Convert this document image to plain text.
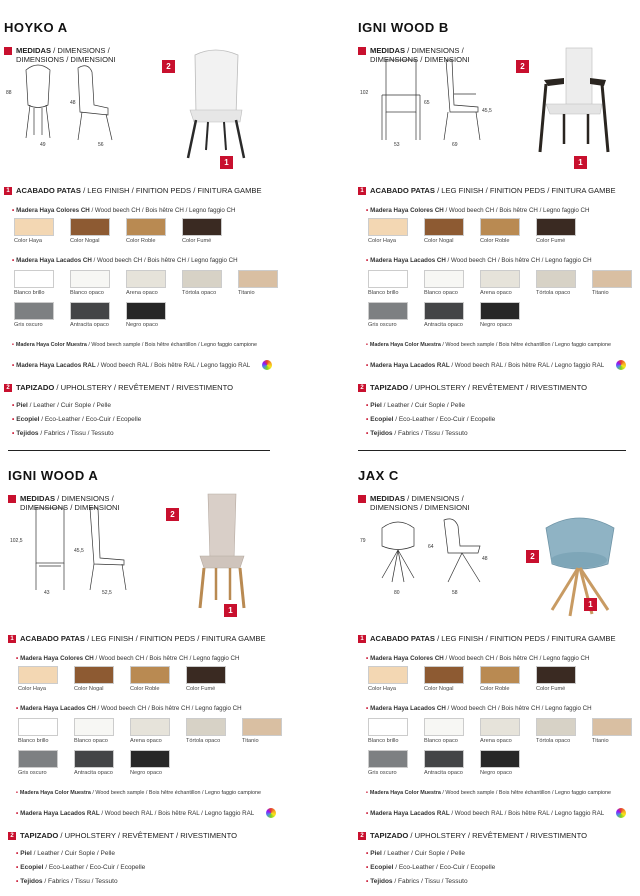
HOYKO A
MEDIDAS / DIMENSIONS /
DIMENSIONS / DIMENSIONI
88
48
49	56
2
1
1 ACABADO PATAS / LEG FINISH / FINITION PEDS / FINITURA GAMBE
• Madera Haya Colores CH / Wood beech CH / Bois hêtre CH / Legno faggio CH
Color Haya	Color Nogal	Color Roble	Color Fumé
• Madera Haya Lacados CH / Wood beech CH / Bois hêtre CH / Legno faggio CH
Blanco brillo	Blanco opaco	Arena opaco	Tórtola opaco	Titanio
Gris oscuro	Antracita opaco	Negro opaco
• Madera Haya Color Muestra / Wood beech sample / Bois hêtre échantillon / Legno faggio campione
• Madera Haya Lacados RAL / Wood beech RAL / Bois hêtre RAL / Legno faggio RAL
2 TAPIZADO / UPHOLSTERY / REVÊTEMENT / RIVESTIMENTO
• Piel / Leather / Cuir Sople / Pelle
• Ecopiel / Eco-Leather / Eco-Cuir / Ecopelle
• Tejidos / Fabrics / Tissu / Tessuto
IGNI WOOD B
MEDIDAS / DIMENSIONS /
DIMENSIONS / DIMENSIONI
102
65
45,5
53	69
2
1
1 ACABADO PATAS / LEG FINISH / FINITION PEDS / FINITURA GAMBE
• Madera Haya Colores CH / Wood beech CH / Bois hêtre CH / Legno faggio CH
Color Haya	Color Nogal	Color Roble	Color Fumé
• Madera Haya Lacados CH / Wood beech CH / Bois hêtre CH / Legno faggio CH
Blanco brillo	Blanco opaco	Arena opaco	Tórtola opaco	Titanio
Gris oscuro	Antracita opaco	Negro opaco
• Madera Haya Color Muestra / Wood beech sample / Bois hêtre échantillon / Legno faggio campione
• Madera Haya Lacados RAL / Wood beech RAL / Bois hêtre RAL / Legno faggio RAL
2 TAPIZADO / UPHOLSTERY / REVÊTEMENT / RIVESTIMENTO
• Piel / Leather / Cuir Sople / Pelle
• Ecopiel / Eco-Leather / Eco-Cuir / Ecopelle
• Tejidos / Fabrics / Tissu / Tessuto
IGNI WOOD A
MEDIDAS / DIMENSIONS /
DIMENSIONS / DIMENSIONI
102,5
45,5
43	52,5
2
1
1 ACABADO PATAS / LEG FINISH / FINITION PEDS / FINITURA GAMBE
• Madera Haya Colores CH / Wood beech CH / Bois hêtre CH / Legno faggio CH
Color Haya	Color Nogal	Color Roble	Color Fumé
• Madera Haya Lacados CH / Wood beech CH / Bois hêtre CH / Legno faggio CH
Blanco brillo	Blanco opaco	Arena opaco	Tórtola opaco	Titanio
Gris oscuro	Antracita opaco	Negro opaco
• Madera Haya Color Muestra / Wood beech sample / Bois hêtre échantillon / Legno faggio campione
• Madera Haya Lacados RAL / Wood beech RAL / Bois hêtre RAL / Legno faggio RAL
2 TAPIZADO / UPHOLSTERY / REVÊTEMENT / RIVESTIMENTO
• Piel / Leather / Cuir Sople / Pelle
• Ecopiel / Eco-Leather / Eco-Cuir / Ecopelle
• Tejidos / Fabrics / Tissu / Tessuto
JAX C
MEDIDAS / DIMENSIONS /
DIMENSIONS / DIMENSIONI
79
64
48
80	58
2
1
1 ACABADO PATAS / LEG FINISH / FINITION PEDS / FINITURA GAMBE
• Madera Haya Colores CH / Wood beech CH / Bois hêtre CH / Legno faggio CH
Color Haya	Color Nogal	Color Roble	Color Fumé
• Madera Haya Lacados CH / Wood beech CH / Bois hêtre CH / Legno faggio CH
Blanco brillo	Blanco opaco	Arena opaco	Tórtola opaco	Titanio
Gris oscuro	Antracita opaco	Negro opaco
• Madera Haya Color Muestra / Wood beech sample / Bois hêtre échantillon / Legno faggio campione
• Madera Haya Lacados RAL / Wood beech RAL / Bois hêtre RAL / Legno faggio RAL
2 TAPIZADO / UPHOLSTERY / REVÊTEMENT / RIVESTIMENTO
• Piel / Leather / Cuir Sople / Pelle
• Ecopiel / Eco-Leather / Eco-Cuir / Ecopelle
• Tejidos / Fabrics / Tissu / Tessuto
